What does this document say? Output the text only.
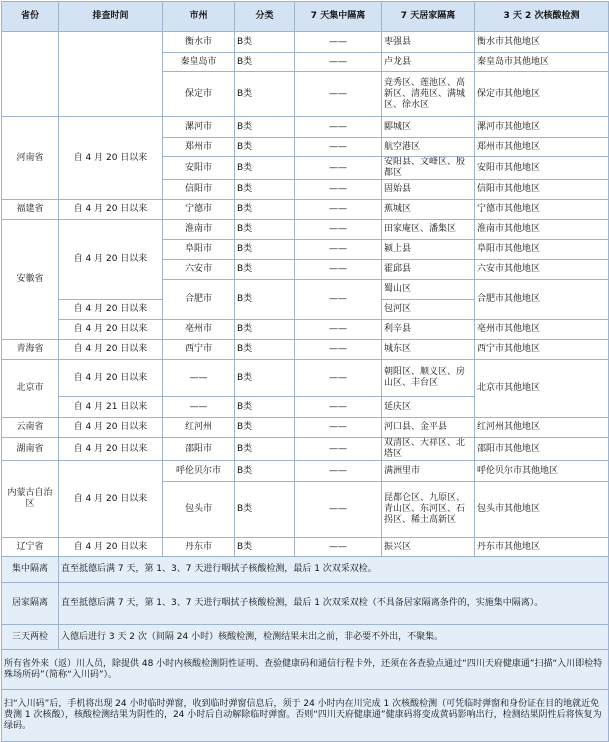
省份	排查时间	市州	分类	7 天集中隔离	7 天居家隔离	3 天 2 次核酸检测
		衡水市	B类	——	枣强县	衡水市其他地区
		秦皇岛市	B类	——	卢龙县	秦皇岛市其他地区
		保定市	B类	——	竞秀区、莲池区、高新区、清苑区、满城区、徐水区	保定市其他地区
河南省	自 4 月 20 日以来	漯河市	B类	——	郾城区	漯河市其他地区
		郑州市	B类	——	航空港区	郑州市其他地区
		安阳市	B类	——	安阳县、文峰区、殷都区	安阳市其他地区
		信阳市	B类	——	固始县	信阳市其他地区
福建省	自 4 月 20 日以来	宁德市	B类	——	蕉城区	宁德市其他地区
安徽省	自 4 月 20 日以来	淮南市	B类	——	田家庵区、潘集区	淮南市其他地区
		阜阳市	B类	——	颍上县	阜阳市其他地区
		六安市	B类	——	霍邱县	六安市其他地区
		合肥市	B类	——	蜀山区	合肥市其他地区
	自 4 月 20 日以来				包河区	
	自 4 月 20 日以来	亳州市	B类	——	利辛县	亳州市其他地区
青海省	自 4 月 20 日以来	西宁市	B类	——	城东区	西宁市其他地区
北京市	自 4 月 20 日以来	——	B类	——	朝阳区、顺义区、房山区、丰台区	北京市其他地区
	自 4 月 21 日以来	——	B类	——	延庆区	
云南省	自 4 月 20 日以来	红河州	B类	——	河口县、金平县	红河州其他地区
湖南省	自 4 月 20 日以来	邵阳市	B类	——	双清区、大祥区、北塔区	邵阳市其他地区
内蒙古自治区	自 4 月 20 日以来	呼伦贝尔市	B类	——	满洲里市	呼伦贝尔市其他地区
		包头市	B类	——	昆都仑区、九原区、青山区、东河区、石拐区、稀土高新区	包头市其他地区
辽宁省	自 4 月 20 日以来	丹东市	B类	——	振兴区	丹东市其他地区
集中隔离	直至抵德后满 7 天，第 1、3、7 天进行咽拭子核酸检测，最后 1 次双采双检。					
居家隔离	直至抵德后满 7 天，第 1、3、7 天进行咽拭子核酸检测，最后 1 次双采双检（不具备居家隔离条件的，实施集中隔离）。					
三天两检	入德后进行 3 天 2 次（间隔 24 小时）核酸检测，检测结果未出之前，非必要不外出，不聚集。					
所有省外来（返）川人员，除提供 48 小时内核酸检测阴性证明、查验健康码和通信行程卡外，还须在各查验点通过“四川天府健康通”扫描“入川即检特殊场所码”（简称“入川码”）。						
扫“入川码”后，手机将出现 24 小时临时弹窗，收到临时弹窗信息后，须于 24 小时内在川完成 1 次核酸检测（可凭临时弹窗和身份证在目的地就近免费测 1 次核酸），核酸检测结果为阴性的，24 小时后自动解除临时弹窗。否则“四川天府健康通”健康码将变成黄码影响出行，检测结果阴性后将恢复为绿码。						
